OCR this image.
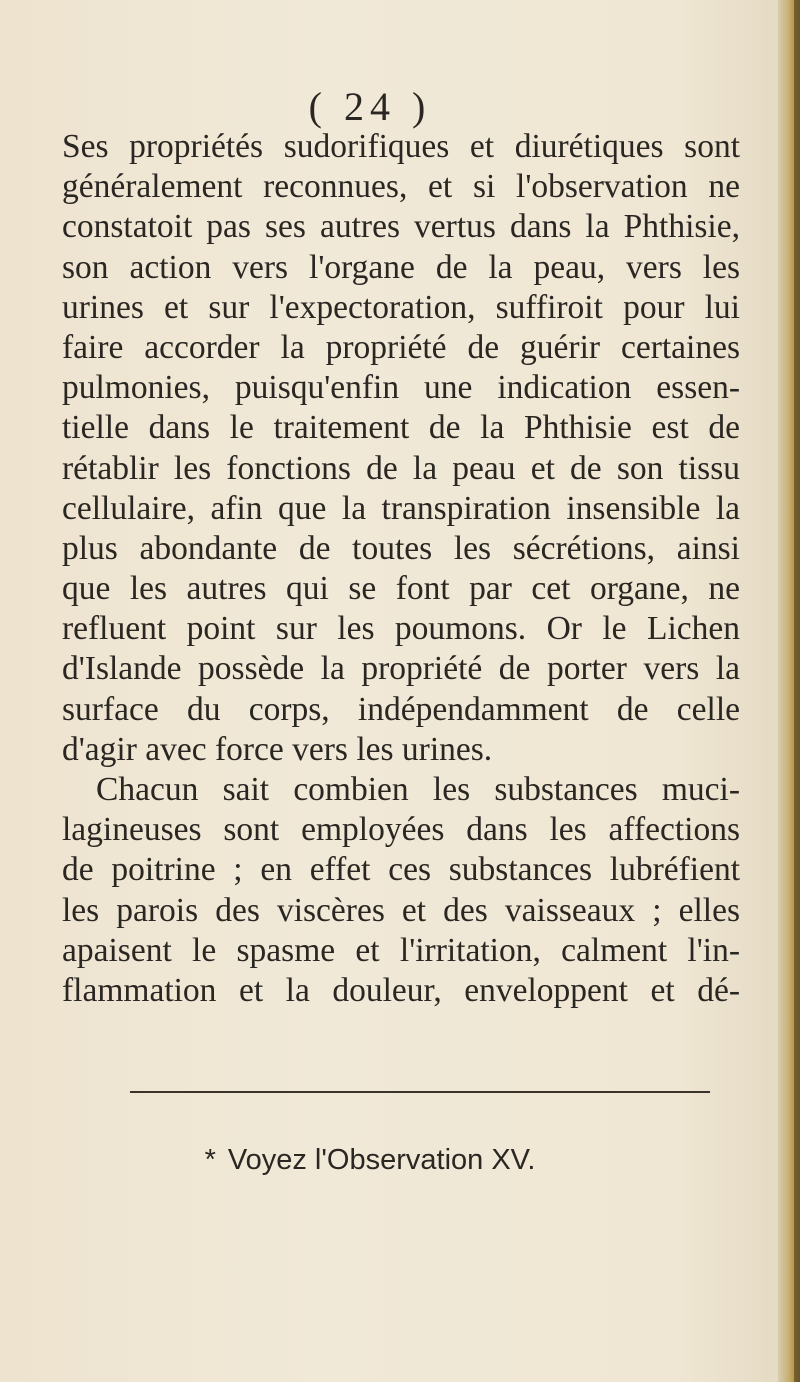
( 24 )
Ses propriétés sudorifiques et diurétiques sont
généralement reconnues, et si l'observation ne
constatoit pas ses autres vertus dans la Phthisie,
son action vers l'organe de la peau, vers les
urines et sur l'expectoration, suffiroit pour lui
faire accorder la propriété de guérir certaines
pulmonies, puisqu'enfin une indication essen-
tielle dans le traitement de la Phthisie est de
rétablir les fonctions de la peau et de son tissu
cellulaire, afin que la transpiration insensible la
plus abondante de toutes les sécrétions, ainsi
que les autres qui se font par cet organe, ne
refluent point sur les poumons. Or le Lichen
d'Islande possède la propriété de porter vers la
surface du corps, indépendamment de celle
d'agir avec force vers les urines.
Chacun sait combien les substances muci-
lagineuses sont employées dans les affections
de poitrine ; en effet ces substances lubréfient
les parois des viscères et des vaisseaux ; elles
apaisent le spasme et l'irritation, calment l'in-
flammation et la douleur, enveloppent et dé-
* Voyez l'Observation XV.
